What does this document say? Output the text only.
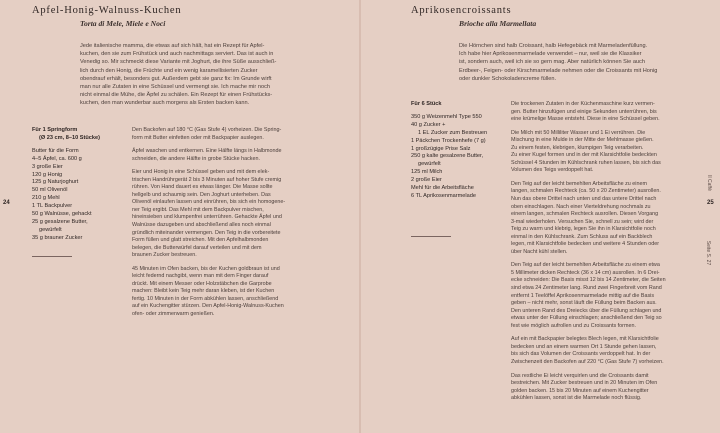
Apfel-Honig-Walnuss-Kuchen
Torta di Mele, Miele e Noci
Jede italienische mamma, die etwas auf sich hält, hat ein Rezept für Apfel-
kuchen, den sie zum Frühstück und auch nachmittags serviert. Das ist auch in
Venedig so. Mir schmeckt diese Variante mit Joghurt, die ihre Süße ausschließ-
lich durch den Honig, die Früchte und ein wenig karamellisierten Zucker
obendrauf erhält, besonders gut. Außerdem gebt sie ganz fix: Im Grunde wirft
man nur alle Zutaten in eine Schüssel und vermengt sie. Ich mache mir noch
nicht einmal die Mühe, die Äpfel zu schälen. Ein Rezept für einen Frühstücks-
kuchen, den man wunderbar auch morgens als Ersten backen kann.
Für 1 Springform
(Ø 23 cm, 8–10 Stücke)
Butter für die Form
4–5 Äpfel, ca. 600 g
3 große Eier
120 g Honig
125 g Naturjoghurt
50 ml Olivenöl
210 g Mehl
1 TL Backpulver
50 g Walnüsse, gehackt
25 g gesalzene Butter,
gewürfelt
35 g brauner Zucker

Den Backofen auf 180 °C (Gas Stufe 4) vorheizen. Die Spring-
form mit Butter einfetten oder mit Backpapier auslegen.

Äpfel waschen und entkernen. Eine Hälfte längs in Halbmonde
schneiden, die andere Hälfte in grobe Stücke hacken.

Eier und Honig in eine Schüssel geben und mit dem elek-
trischen Handrührgerät 2 bis 3 Minuten auf hoher Stufe cremig
rühren. Von Hand dauert es etwas länger. Die Masse sollte
hellgelb und schaumig sein. Den Joghurt unterheben. Das
Olivenöl einlaufen lassen und einrühren, bis sich ein homogene-
ner Teig ergibt. Das Mehl mit dem Backpulver mischen,
hineinsieben und klumpenfrei unterrühren. Gehackte Äpfel und
Walnüsse dazugeben und abschließend alles noch einmal
gründlich miteinander vermengen. Den Teig in die vorbereitete
Form füllen und glatt streichen. Mit den Apfelhalbmonden
belegen, die Butterwürfel darauf verteilen und mit dem
braunen Zucker bestreuen.

45 Minuten im Ofen backen, bis der Kuchen goldbraun ist und
leicht federnd nachgibt, wenn man mit dem Finger darauf
drückt. Mit einem Messer oder Holzstäbchen die Garprobe
machen: Bleibt kein Teig mehr daran kleben, ist der Kuchen
fertig. 10 Minuten in der Form abkühlen lassen, anschließend
auf ein Kuchengitter stürzen. Den Apfel-Honig-Walnuss-Kuchen
ofen- oder zimmerwarm genießen.

24
Aprikosencroissants
Brioche alla Marmellata
Die Hörnchen sind halb Croissant, halb Hefegebäck mit Marmeladenfüllung.
Ich habe hier Aprikosenmarmelade verwendet – nur, weil sie die Klassiker
ist, sondern auch, weil ich sie so gern mag. Aber natürlich können Sie auch
Erdbeer-, Feigen- oder Kirschmarmelade nehmen oder die Croissants mit Honig
oder dunkler Schokoladencreme füllen.
Für 6 Stück
350 g Weizenmehl Type 550
40 g Zucker +
1 EL Zucker zum Bestreuen
1 Päckchen Trockenhefe (7 g)
1 großzügige Prise Salz
250 g kalte gesalzene Butter,
gewürfelt
125 ml Milch
2 große Eier
Mehl für die Arbeitsfläche
6 TL Aprikosenmarmelade

Die trockenen Zutaten in der Küchenmaschine kurz vermen-
gen. Butter hinzufügen und einige Sekunden unterrühren, bis
eine krümelige Masse entsteht. Diese in eine Schüssel geben.

Die Milch mit 50 Milliliter Wasser und 1 Ei verrühren. Die
Mischung in eine Mulde in der Mitte der Mehlmasse gießen.
Zu einem festen, klebrigen, klumpigen Teig verarbeiten.
Zu einer Kugel formen und in der mit Klarsichtfolie bedeckten
Schüssel 4 Stunden im Kühlschrank ruhen lassen, bis sich das
Volumen des Teigs verdoppelt hat.

Den Teig auf der leicht bemehlten Arbeitsfläche zu einem
langen, schmalen Rechteck (ca. 50 x 20 Zentimeter) ausrollen.
Nun das obere Drittel nach unten und das untere Drittel nach
oben einschlagen. Nach einer Vierteldrehung nochmals zu
einem langen, schmalen Rechteck ausrollen. Diesen Vorgang
3-mal wiederholen. Versuchen Sie, schnell zu sein; wird der
Teig zu warm und klebrig, legen Sie ihn in Klarsichtfolie noch
einmal in den Kühlschrank. Zum Schluss auf ein Backblech
legen, mit Klarsichtfolie bedecken und weitere 4 Stunden oder
über Nacht kühl stellen.

Den Teig auf der leicht bemehlten Arbeitsfläche zu einem etwa
5 Millimeter dicken Rechteck (36 x 14 cm) ausrollen. In 6 Drei-
ecke schneiden: Die Basis misst 12 bis 14 Zentimeter, die Seiten
sind etwa 24 Zentimeter lang. Rund zwei Fingerbreit vom Rand
entfernt 1 Teelöffel Aprikosenmarmelade mittig auf die Basis
geben – nicht mehr, sonst läuft die Füllung beim Backen aus.
Den unteren Rand des Dreiecks über die Füllung schlagen und
etwas unter der Füllung einschlagen; anschließend den Teig so
fest wie möglich aufrollen und zu Croissants formen.

Auf ein mit Backpapier belegtes Blech legen, mit Klarsichtfolie
bedecken und an einem warmen Ort 1 Stunde gehen lassen,
bis sich das Volumen der Croissants verdoppelt hat. In der
Zwischenzeit den Backofen auf 220 °C (Gas Stufe 7) vorheizen.

Das restliche Ei leicht verquirlen und die Croissants damit
bestreichen. Mit Zucker bestreuen und in 20 Minuten im Ofen
golden backen. 15 bis 20 Minuten auf einem Kuchengitter
abkühlen lassen, sonst ist die Marmelade noch flüssig.

25
Il Caffè
Seite S. 27
